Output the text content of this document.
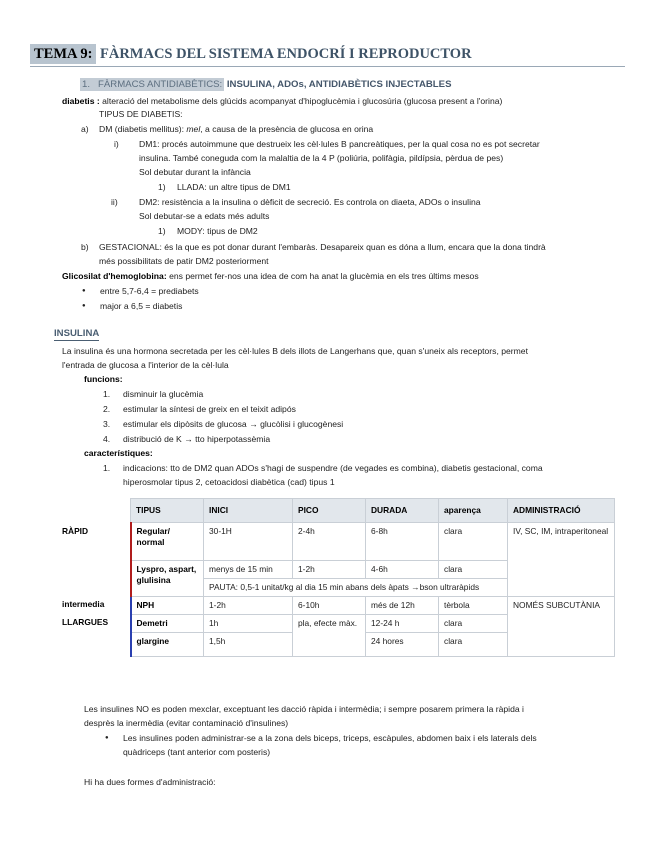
TEMA 9: FÀRMACS DEL SISTEMA ENDOCRÍ I REPRODUCTOR
1. FÀRMACS ANTIDIABÈTICS: INSULINA, ADOs, ANTIDIABÈTICS INJECTABLES
diabetis : alteració del metabolisme dels glúcids acompanyat d'hipoglucèmia i glucosúria (glucosa present a l'orina)
TIPUS DE DIABETIS:
a) DM (diabetis mellitus): mel, a causa de la presència de glucosa en orina
i) DM1: procés autoimmune que destrueix les cèl·lules B pancreàtiques, per la qual cosa no es pot secretar
insulina. També coneguda com la malaltia de la 4 P (poliúria, polifàgia, pildípsia, pèrdua de pes)
Sol debutar durant la infància
1) LLADA: un altre tipus de DM1
ii) DM2: resistència a la insulina o dèficit de secreció. Es controla on diaeta, ADOs o insulina
Sol debutar-se a edats més adults
1) MODY: tipus de DM2
b) GESTACIONAL: és la que es pot donar durant l'embaràs. Desapareix quan es dóna a llum, encara que la dona tindrà
més possibilitats de patir DM2 posteriorment
Glicosilat d'hemoglobina: ens permet fer-nos una idea de com ha anat la glucèmia en els tres últims mesos
● entre 5,7-6,4 = prediabets
● major a 6,5 = diabetis
INSULINA
La insulina és una hormona secretada per les cèl·lules B dels illots de Langerhans que, quan s'uneix als receptors, permet
l'entrada de glucosa a l'interior de la cèl·lula
funcions:
1. disminuir la glucèmia
2. estimular la síntesi de greix en el teixit adipós
3. estimular els dipòsits de glucosa → glucòlisi i glucogènesi
4. distribució de K → tto hiperpotassèmia
característiques:
1. indicacions: tto de DM2 quan ADOs s'hagi de suspendre (de vegades es combina), diabetis gestacional, coma
hiperosmolar tipus 2, cetoacidosi diabètica (cad) tipus 1
	TIPUS	INICI	PICO	DURADA	aparença	ADMINISTRACIÓ
RÀPID	Regular/ normal	30-1H	2-4h	6-8h	clara	IV, SC, IM, intraperitoneal
	Lyspro, aspart, glulisina	menys de 15 min	1-2h	4-6h	clara	
		PAUTA: 0,5-1 unitat/kg al dia 15 min abans dels àpats →bson ultraràpids				
intermedia	NPH	1-2h	6-10h	més de 12h	tèrbola	NOMÉS SUBCUTÀNIA
LLARGUES	Demetri	1h	pla, efecte màx.	12-24 h	clara	
	glargine	1,5h		24 hores	clara	
Les insulines NO es poden mexclar, exceptuant les dacció ràpida i intermèdia; i sempre posarem primera la ràpida i
desprès la inermèdia (evitar contaminació d'insulines)
● Les insulines poden administrar-se a la zona dels biceps, triceps, escàpules, abdomen baix i els laterals dels
quàdriceps (tant anterior com posteris)
Hi ha dues formes d'administració:
